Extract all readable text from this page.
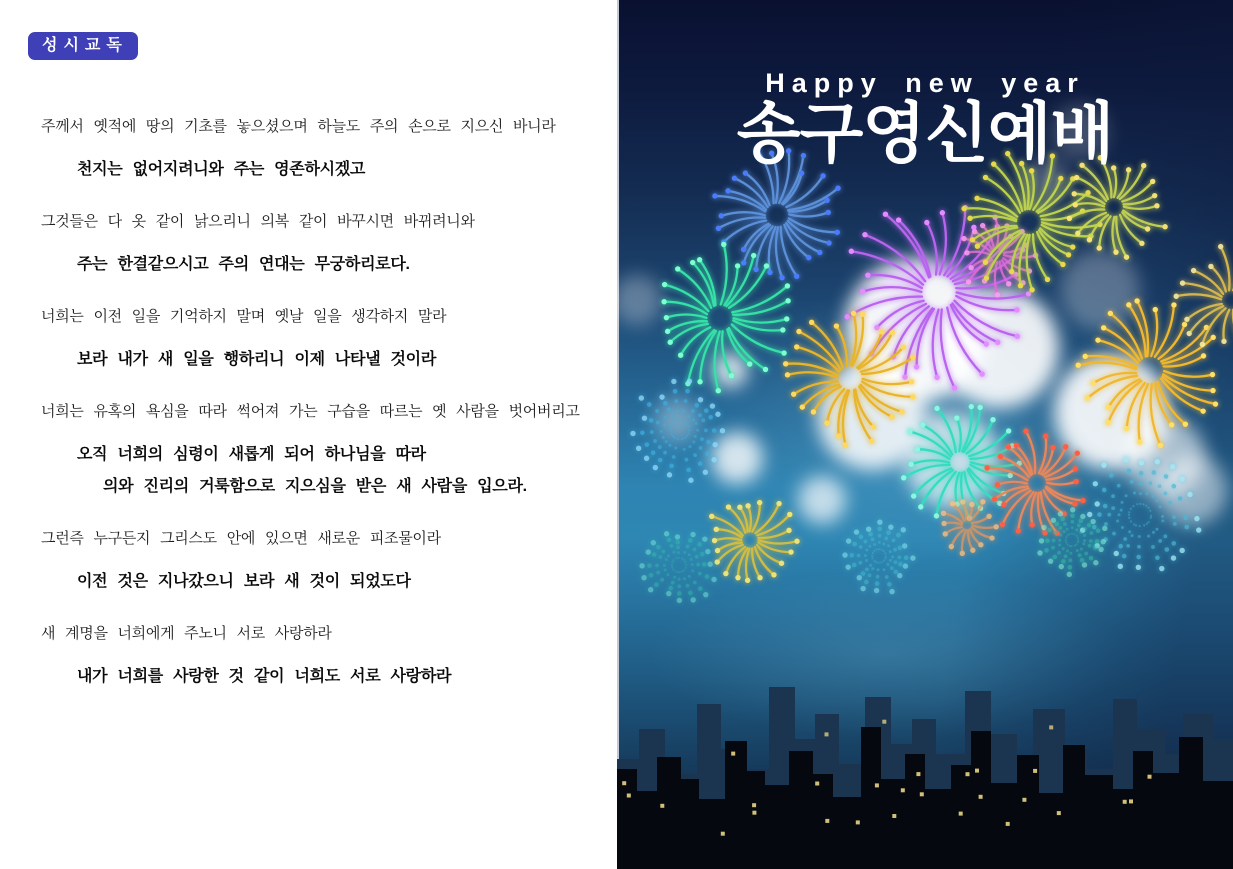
성시교독
주께서 옛적에 땅의 기초를 놓으셨으며 하늘도 주의 손으로 지으신 바니라
천지는 없어지려니와 주는 영존하시겠고
그것들은 다 옷 같이 낡으리니 의복 같이 바꾸시면 바뀌려니와
주는 한결같으시고 주의 연대는 무궁하리로다.
너희는 이전 일을 기억하지 말며 옛날 일을 생각하지 말라
보라 내가 새 일을 행하리니 이제 나타낼 것이라
너희는 유혹의 욕심을 따라 썩어져 가는 구습을 따르는 옛 사람을 벗어버리고
오직 너희의 심령이 새롭게 되어 하나님을 따라
의와 진리의 거룩함으로 지으심을 받은 새 사람을 입으라.
그런즉 누구든지 그리스도 안에 있으면 새로운 피조물이라
이전 것은 지나갔으니 보라 새 것이 되었도다
새 계명을 너희에게 주노니 서로 사랑하라
내가 너희를 사랑한 것 같이 너희도 서로 사랑하라
Happy new year
송구영신예배
